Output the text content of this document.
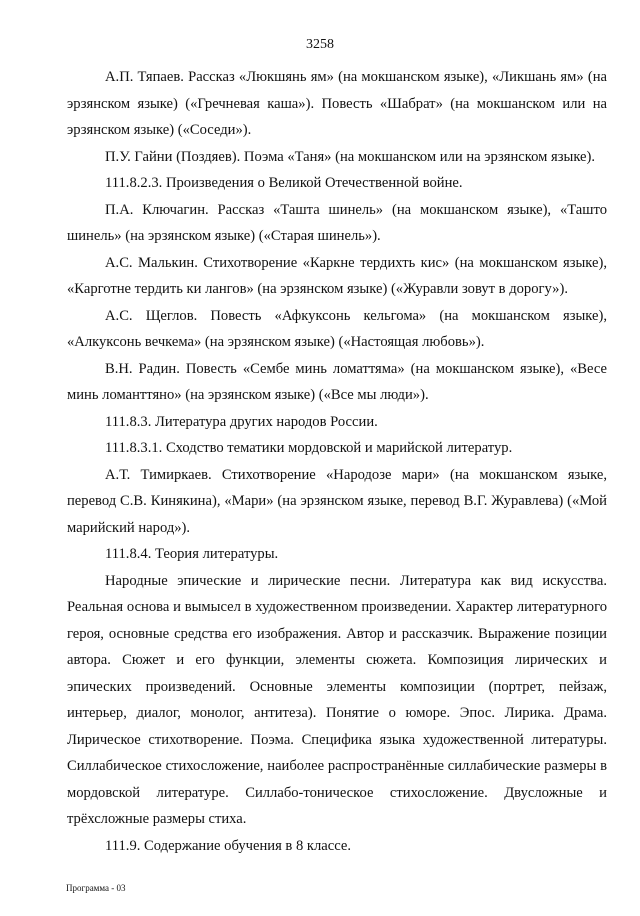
3258

А.П. Тяпаев. Рассказ «Люкшянь ям» (на мокшанском языке), «Ликшань ям» (на эрзянском языке) («Гречневая каша»). Повесть «Шабрат» (на мокшанском или на эрзянском языке) («Соседи»).

П.У. Гайни (Поздяев). Поэма «Таня» (на мокшанском или на эрзянском языке).

111.8.2.3. Произведения о Великой Отечественной войне.

П.А. Ключагин. Рассказ «Ташта шинель» (на мокшанском языке), «Ташто шинель» (на эрзянском языке) («Старая шинель»).

А.С. Малькин. Стихотворение «Каркне тердихть кис» (на мокшанском языке), «Карготне тердить ки лангов» (на эрзянском языке) («Журавли зовут в дорогу»).

А.С. Щеглов. Повесть «Афкуксонь кельгома» (на мокшанском языке), «Алкуксонь вечкема» (на эрзянском языке) («Настоящая любовь»).

В.Н. Радин. Повесть «Сембе минь ломаттяма» (на мокшанском языке), «Весе минь ломанттяно» (на эрзянском языке) («Все мы люди»).

111.8.3. Литература других народов России.

111.8.3.1. Сходство тематики мордовской и марийской литератур.

А.Т. Тимиркаев. Стихотворение «Народозе мари» (на мокшанском языке, перевод С.В. Кинякина), «Мари» (на эрзянском языке, перевод В.Г. Журавлева) («Мой марийский народ»).

111.8.4. Теория литературы.

Народные эпические и лирические песни. Литература как вид искусства. Реальная основа и вымысел в художественном произведении. Характер литературного героя, основные средства его изображения. Автор и рассказчик. Выражение позиции автора. Сюжет и его функции, элементы сюжета. Композиция лирических и эпических произведений. Основные элементы композиции (портрет, пейзаж, интерьер, диалог, монолог, антитеза). Понятие о юморе. Эпос. Лирика. Драма. Лирическое стихотворение. Поэма. Специфика языка художественной литературы. Силлабическое стихосложение, наиболее распространённые силлабические размеры в мордовской литературе. Силлабо-тоническое стихосложение. Двусложные и трёхсложные размеры стиха.

111.9. Содержание обучения в 8 классе.

Программа - 03
